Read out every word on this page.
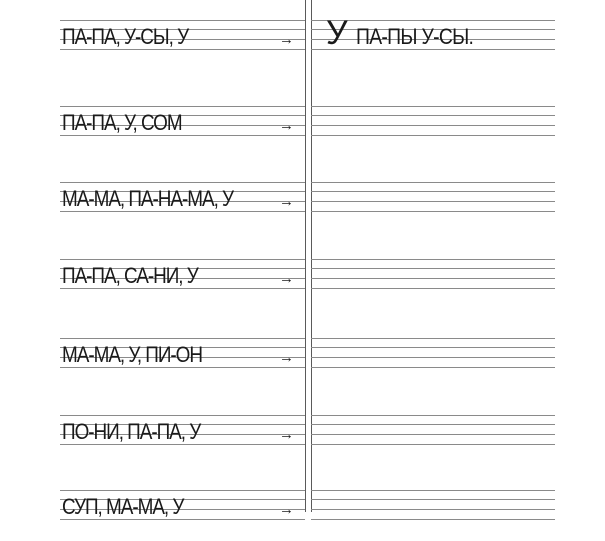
ПА-ПА, У-СЫ, У	→ У ПА-ПЫ У-СЫ.
ПА-ПА, У, СОМ	→
МА-МА, ПА-НА-МА, У	→
ПА-ПА, СА-НИ, У	→
МА-МА, У, ПИ-ОН	→
ПО-НИ, ПА-ПА, У	→
СУП, МА-МА, У	→
